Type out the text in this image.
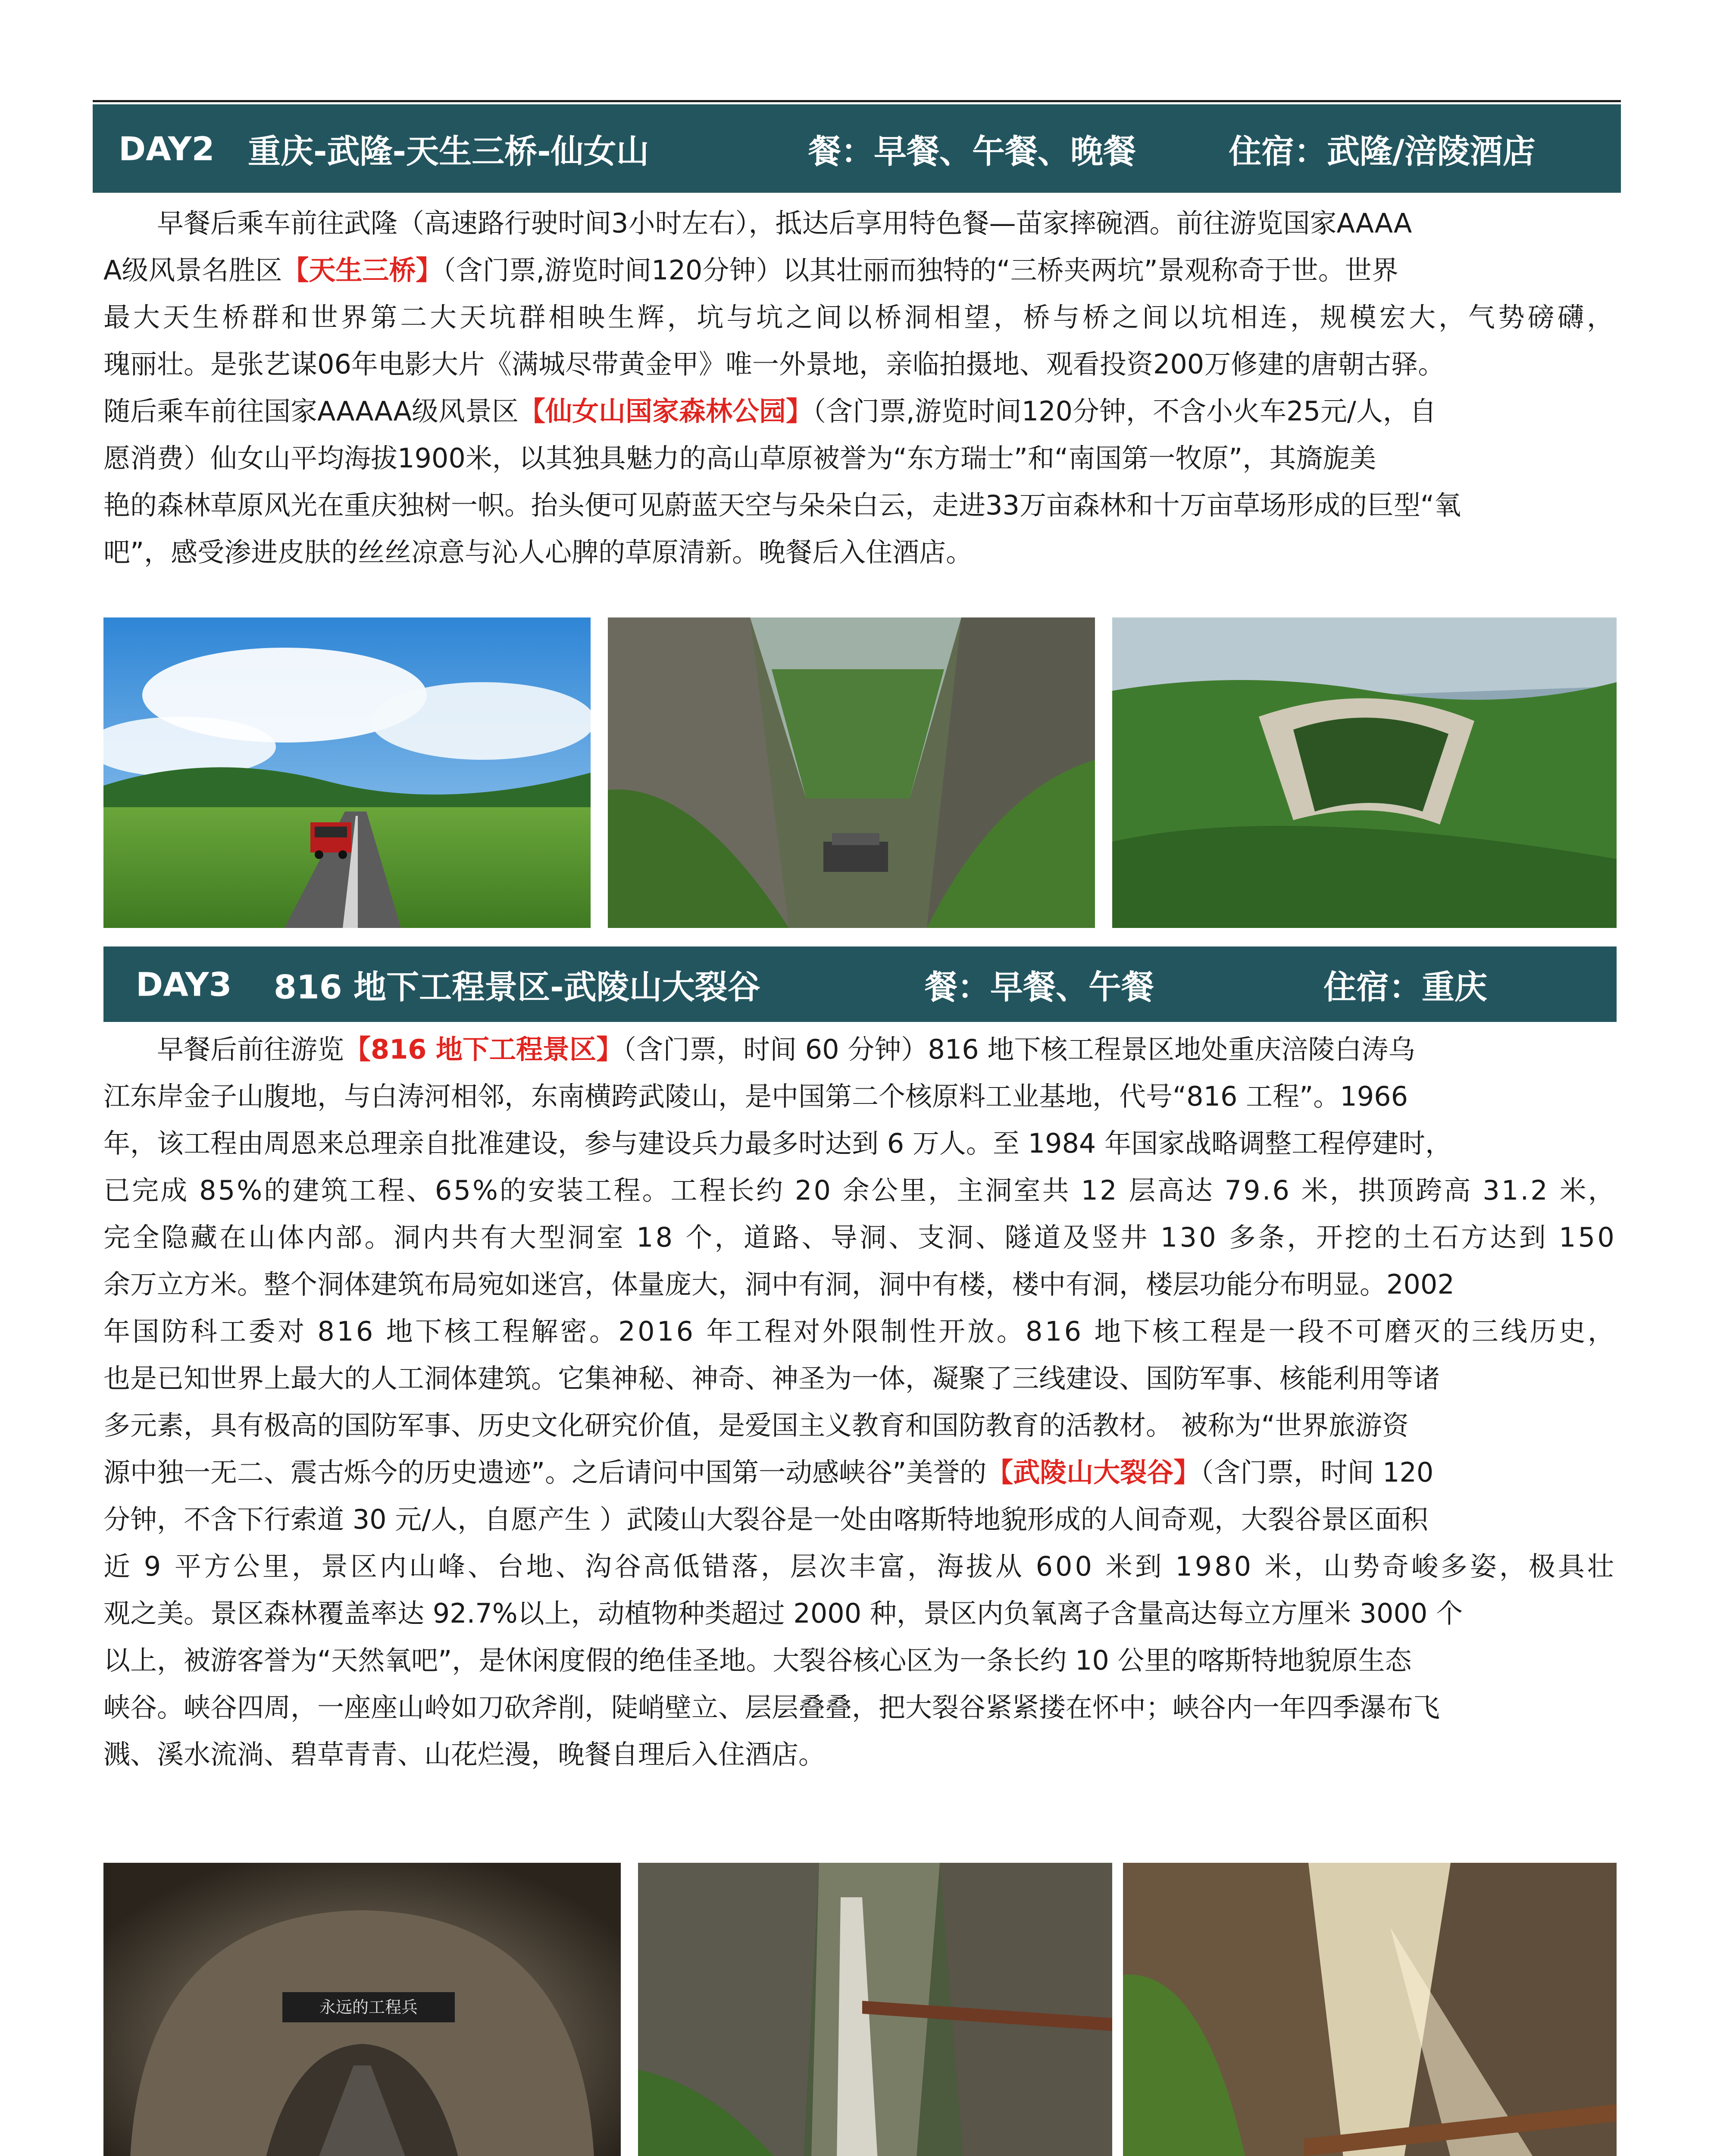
DAY2 重庆-武隆-天生三桥-仙女山	餐：早餐、午餐、晚餐	住宿：武隆/涪陵酒店

　　早餐后乘车前往武隆（高速路行驶时间3小时左右），抵达后享用特色餐—苗家摔碗酒。前往游览国家AAAA

A级风景名胜区【天生三桥】（含门票,游览时间120分钟）以其壮丽而独特的“三桥夹两坑”景观称奇于世。世界

最大天生桥群和世界第二大天坑群相映生辉，坑与坑之间以桥洞相望，桥与桥之间以坑相连，规模宏大，气势磅礴，

瑰丽壮。是张艺谋06年电影大片《满城尽带黄金甲》唯一外景地，亲临拍摄地、观看投资200万修建的唐朝古驿。

随后乘车前往国家AAAAA级风景区【仙女山国家森林公园】（含门票,游览时间120分钟，不含小火车25元/人，自

愿消费）仙女山平均海拔1900米，以其独具魅力的高山草原被誉为“东方瑞士”和“南国第一牧原”，其旖旎美

艳的森林草原风光在重庆独树一帜。抬头便可见蔚蓝天空与朵朵白云，走进33万亩森林和十万亩草场形成的巨型“氧

吧”，感受渗进皮肤的丝丝凉意与沁人心脾的草原清新。晚餐后入住酒店。

DAY3 816 地下工程景区-武陵山大裂谷	餐：早餐、午餐	住宿：重庆

　　早餐后前往游览【816 地下工程景区】（含门票，时间 60 分钟）816 地下核工程景区地处重庆涪陵白涛乌

江东岸金子山腹地，与白涛河相邻，东南横跨武陵山，是中国第二个核原料工业基地，代号“816 工程”。1966

年，该工程由周恩来总理亲自批准建设，参与建设兵力最多时达到 6 万人。至 1984 年国家战略调整工程停建时，

已完成 85%的建筑工程、65%的安装工程。工程长约 20 余公里，主洞室共 12 层高达 79.6 米，拱顶跨高 31.2 米，

完全隐藏在山体内部。洞内共有大型洞室 18 个，道路、导洞、支洞、隧道及竖井 130 多条，开挖的土石方达到 150

余万立方米。整个洞体建筑布局宛如迷宫，体量庞大，洞中有洞，洞中有楼，楼中有洞，楼层功能分布明显。2002

年国防科工委对 816 地下核工程解密。2016 年工程对外限制性开放。816 地下核工程是一段不可磨灭的三线历史，

也是已知世界上最大的人工洞体建筑。它集神秘、神奇、神圣为一体，凝聚了三线建设、国防军事、核能利用等诸

多元素，具有极高的国防军事、历史文化研究价值，是爱国主义教育和国防教育的活教材。 被称为“世界旅游资

源中独一无二、震古烁今的历史遗迹”。之后请问中国第一动感峡谷”美誉的【武陵山大裂谷】（含门票，时间 120

分钟，不含下行索道 30 元/人，自愿产生 ）武陵山大裂谷是一处由喀斯特地貌形成的人间奇观，大裂谷景区面积

近 9 平方公里，景区内山峰、台地、沟谷高低错落，层次丰富，海拔从 600 米到 1980 米，山势奇峻多姿，极具壮

观之美。景区森林覆盖率达 92.7%以上，动植物种类超过 2000 种，景区内负氧离子含量高达每立方厘米 3000 个

以上，被游客誉为“天然氧吧”，是休闲度假的绝佳圣地。大裂谷核心区为一条长约 10 公里的喀斯特地貌原生态

峡谷。峡谷四周，一座座山岭如刀砍斧削，陡峭壁立、层层叠叠，把大裂谷紧紧搂在怀中；峡谷内一年四季瀑布飞

溅、溪水流淌、碧草青青、山花烂漫，晚餐自理后入住酒店。

永远的工程兵
